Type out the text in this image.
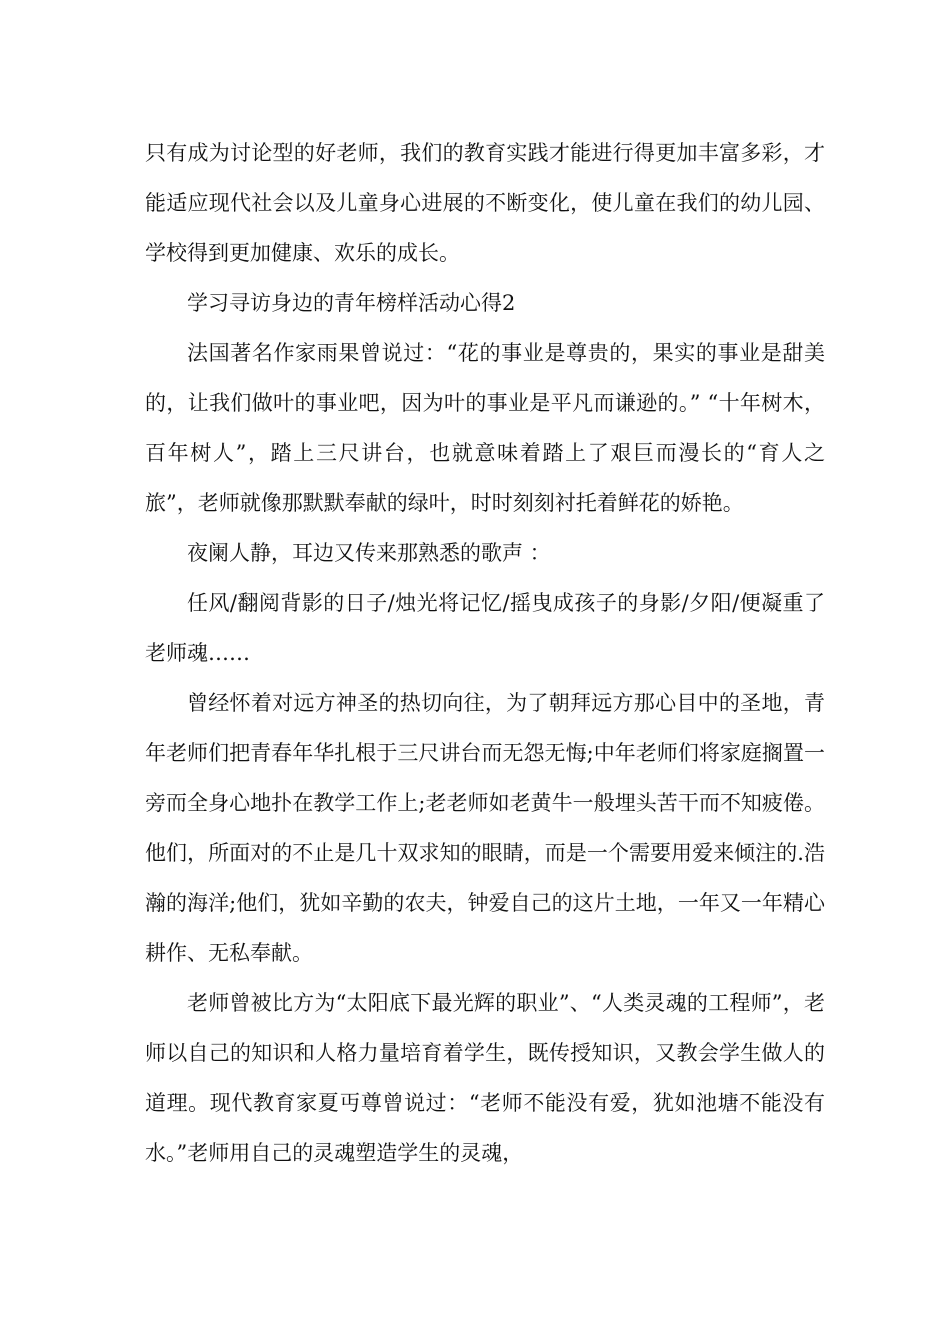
只有成为讨论型的好老师，我们的教育实践才能进行得更加丰富多彩，才能适应现代社会以及儿童身心进展的不断变化，使儿童在我们的幼儿园、学校得到更加健康、欢乐的成长。

学习寻访身边的青年榜样活动心得2

法国著名作家雨果曾说过：“花的事业是尊贵的，果实的事业是甜美的，让我们做叶的事业吧，因为叶的事业是平凡而谦逊的。” “十年树木，百年树人”，踏上三尺讲台，也就意味着踏上了艰巨而漫长的“育人之旅”，老师就像那默默奉献的绿叶，时时刻刻衬托着鲜花的娇艳。

夜阑人静，耳边又传来那熟悉的歌声 ：

任风/翻阅背影的日子/烛光将记忆/摇曳成孩子的身影/夕阳/便凝重了老师魂……

曾经怀着对远方神圣的热切向往，为了朝拜远方那心目中的圣地，青年老师们把青春年华扎根于三尺讲台而无怨无悔;中年老师们将家庭搁置一旁而全身心地扑在教学工作上;老老师如老黄牛一般埋头苦干而不知疲倦。他们，所面对的不止是几十双求知的眼睛，而是一个需要用爱来倾注的.浩瀚的海洋;他们，犹如辛勤的农夫，钟爱自己的这片土地，一年又一年精心耕作、无私奉献。

老师曾被比方为“太阳底下最光辉的职业”、“人类灵魂的工程师”，老师以自己的知识和人格力量培育着学生，既传授知识，又教会学生做人的道理。现代教育家夏丏尊曾说过：“老师不能没有爱，犹如池塘不能没有水。”老师用自己的灵魂塑造学生的灵魂，
